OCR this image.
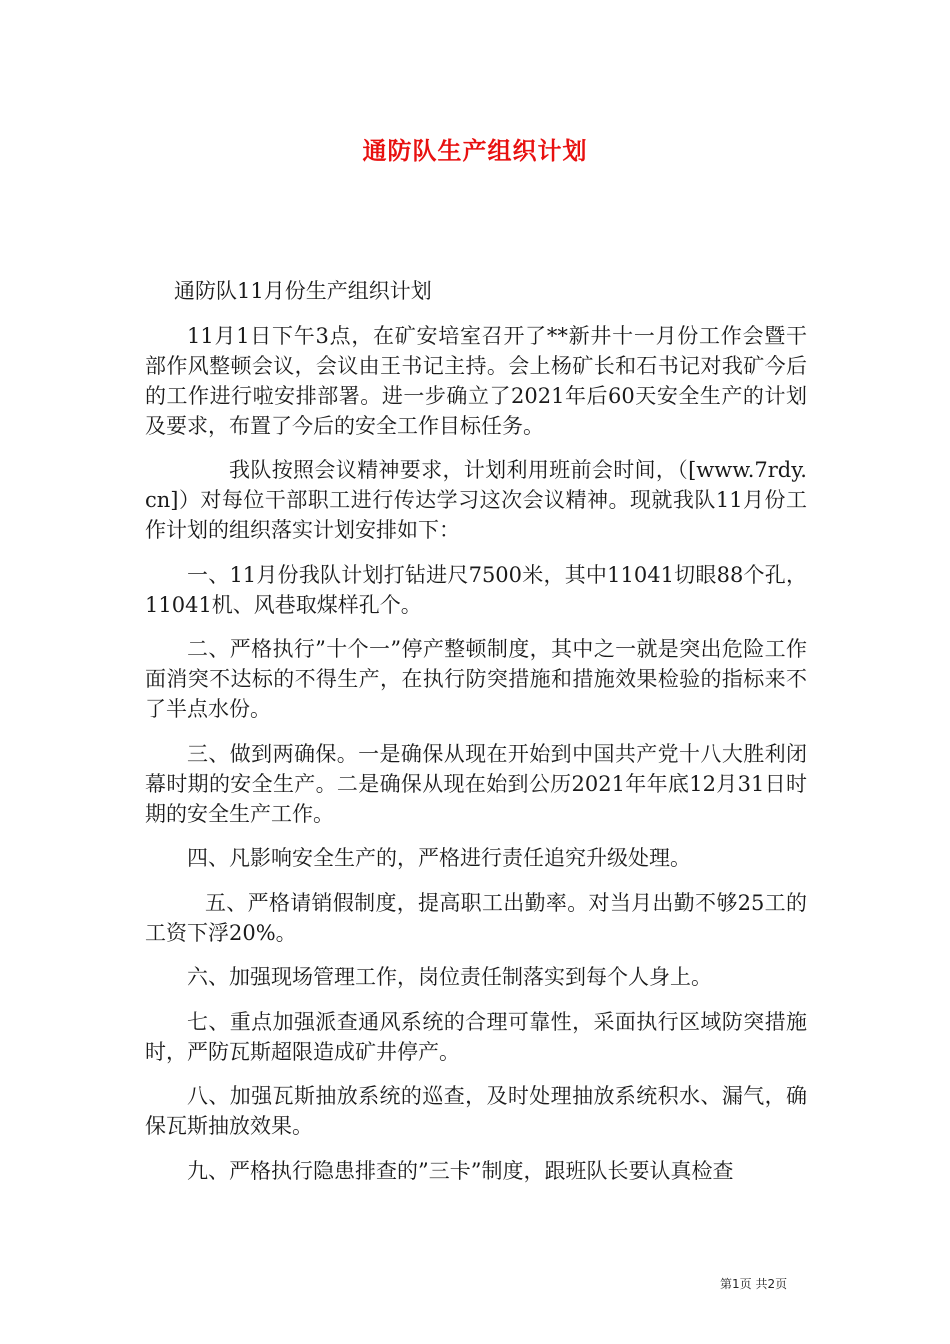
通防队生产组织计划

通防队11月份生产组织计划

11月1日下午3点，在矿安培室召开了**新井十一月份工作会暨干部作风整顿会议，会议由王书记主持。会上杨矿长和石书记对我矿今后的工作进行啦安排部署。进一步确立了2021年后60天安全生产的计划及要求，布置了今后的安全工作目标任务。

我队按照会议精神要求，计划利用班前会时间，（[www.7rdy.cn]）对每位干部职工进行传达学习这次会议精神。现就我队11月份工作计划的组织落实计划安排如下：

一、11月份我队计划打钻进尺7500米，其中11041切眼88个孔，11041机、风巷取煤样孔个。

二、严格执行”十个一”停产整顿制度，其中之一就是突出危险工作面消突不达标的不得生产，在执行防突措施和措施效果检验的指标来不了半点水份。

三、做到两确保。一是确保从现在开始到中国共产党十八大胜利闭幕时期的安全生产。二是确保从现在始到公历2021年年底12月31日时期的安全生产工作。

四、凡影响安全生产的，严格进行责任追究升级处理。

五、严格请销假制度，提高职工出勤率。对当月出勤不够25工的工资下浮20%。

六、加强现场管理工作，岗位责任制落实到每个人身上。

七、重点加强派查通风系统的合理可靠性，采面执行区域防突措施时，严防瓦斯超限造成矿井停产。

八、加强瓦斯抽放系统的巡查，及时处理抽放系统积水、漏气，确保瓦斯抽放效果。

九、严格执行隐患排查的”三卡”制度，跟班队长要认真检查

第1页 共2页
